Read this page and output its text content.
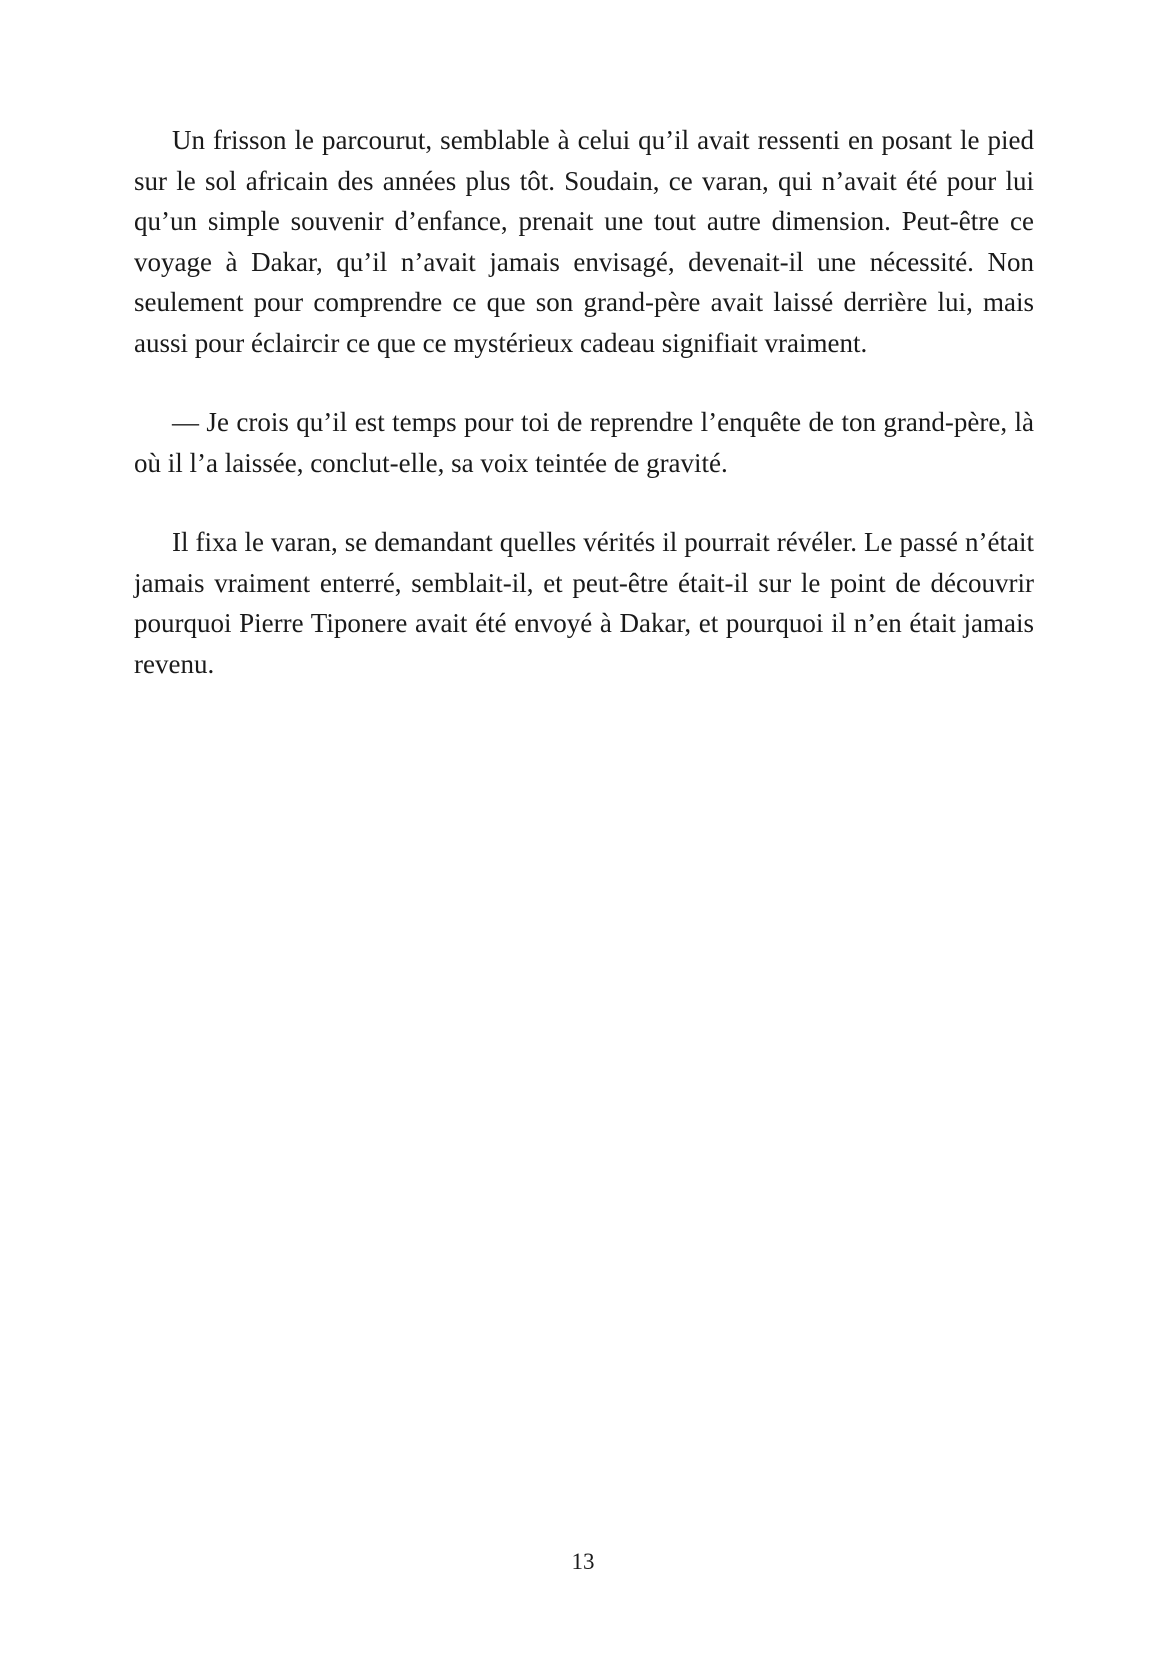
Un frisson le parcourut, semblable à celui qu’il avait ressenti en posant le pied sur le sol africain des années plus tôt. Soudain, ce varan, qui n’avait été pour lui qu’un simple souvenir d’enfance, prenait une tout autre dimension. Peut-être ce voyage à Dakar, qu’il n’avait jamais envisagé, devenait-il une nécessité. Non seulement pour comprendre ce que son grand-père avait laissé derrière lui, mais aussi pour éclaircir ce que ce mystérieux cadeau signifiait vraiment.

— Je crois qu’il est temps pour toi de reprendre l’enquête de ton grand-père, là où il l’a laissée, conclut-elle, sa voix teintée de gravité.

Il fixa le varan, se demandant quelles vérités il pourrait révéler. Le passé n’était jamais vraiment enterré, semblait-il, et peut-être était-il sur le point de découvrir pourquoi Pierre Tiponere avait été envoyé à Dakar, et pourquoi il n’en était jamais revenu.

13
